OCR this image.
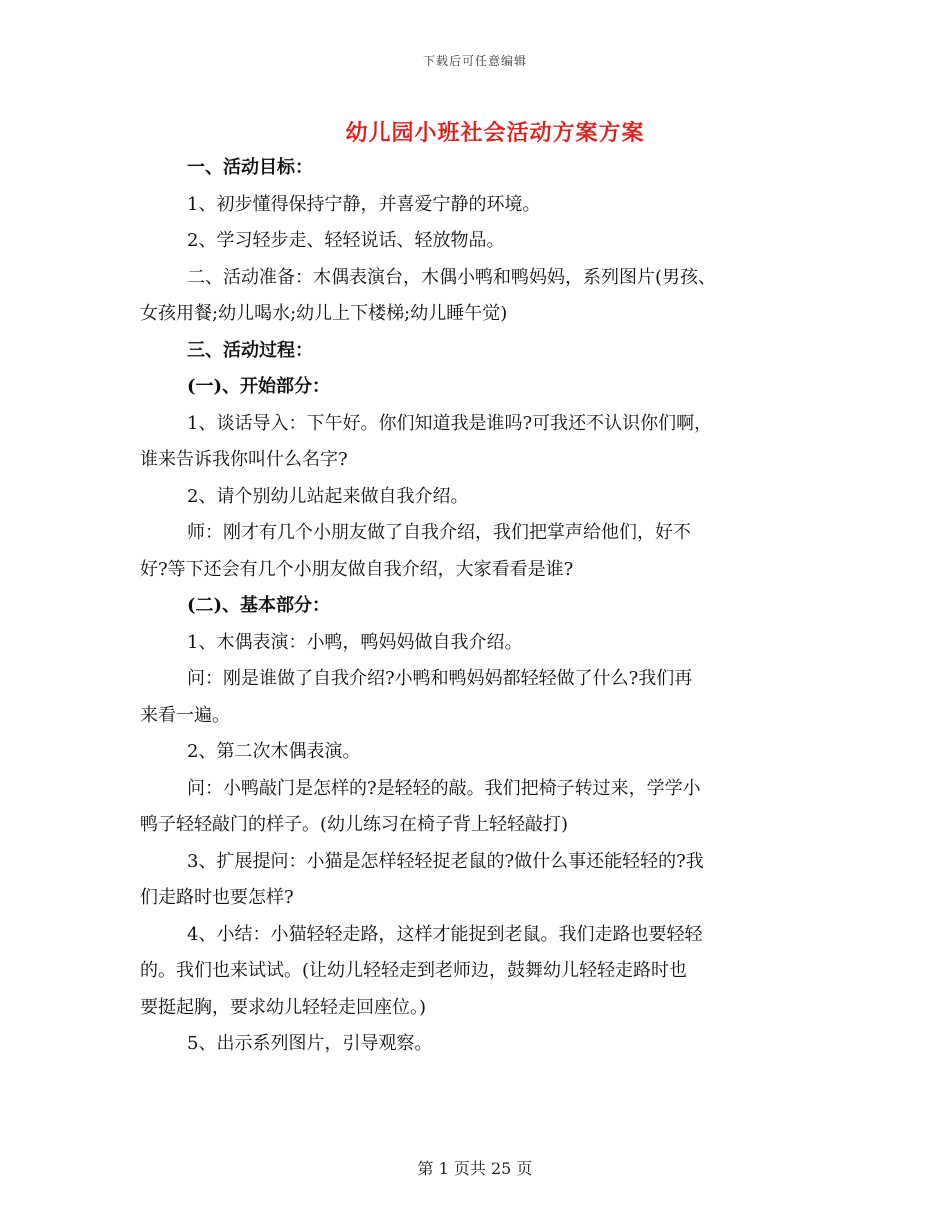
下载后可任意编辑
幼儿园小班社会活动方案方案
一、活动目标：
1、初步懂得保持宁静，并喜爱宁静的环境。
2、学习轻步走、轻轻说话、轻放物品。
二、活动准备：木偶表演台，木偶小鸭和鸭妈妈，系列图片(男孩、
女孩用餐;幼儿喝水;幼儿上下楼梯;幼儿睡午觉)
三、活动过程：
(一)、开始部分：
1、谈话导入：下午好。你们知道我是谁吗?可我还不认识你们啊，
谁来告诉我你叫什么名字?
2、请个别幼儿站起来做自我介绍。
师：刚才有几个小朋友做了自我介绍，我们把掌声给他们，好不
好?等下还会有几个小朋友做自我介绍，大家看看是谁?
(二)、基本部分：
1、木偶表演：小鸭，鸭妈妈做自我介绍。
问：刚是谁做了自我介绍?小鸭和鸭妈妈都轻轻做了什么?我们再
来看一遍。
2、第二次木偶表演。
问：小鸭敲门是怎样的?是轻轻的敲。我们把椅子转过来，学学小
鸭子轻轻敲门的样子。(幼儿练习在椅子背上轻轻敲打)
3、扩展提问：小猫是怎样轻轻捉老鼠的?做什么事还能轻轻的?我
们走路时也要怎样?
4、小结：小猫轻轻走路，这样才能捉到老鼠。我们走路也要轻轻
的。我们也来试试。(让幼儿轻轻走到老师边，鼓舞幼儿轻轻走路时也
要挺起胸，要求幼儿轻轻走回座位。)
5、出示系列图片，引导观察。
第 1 页共 25 页
